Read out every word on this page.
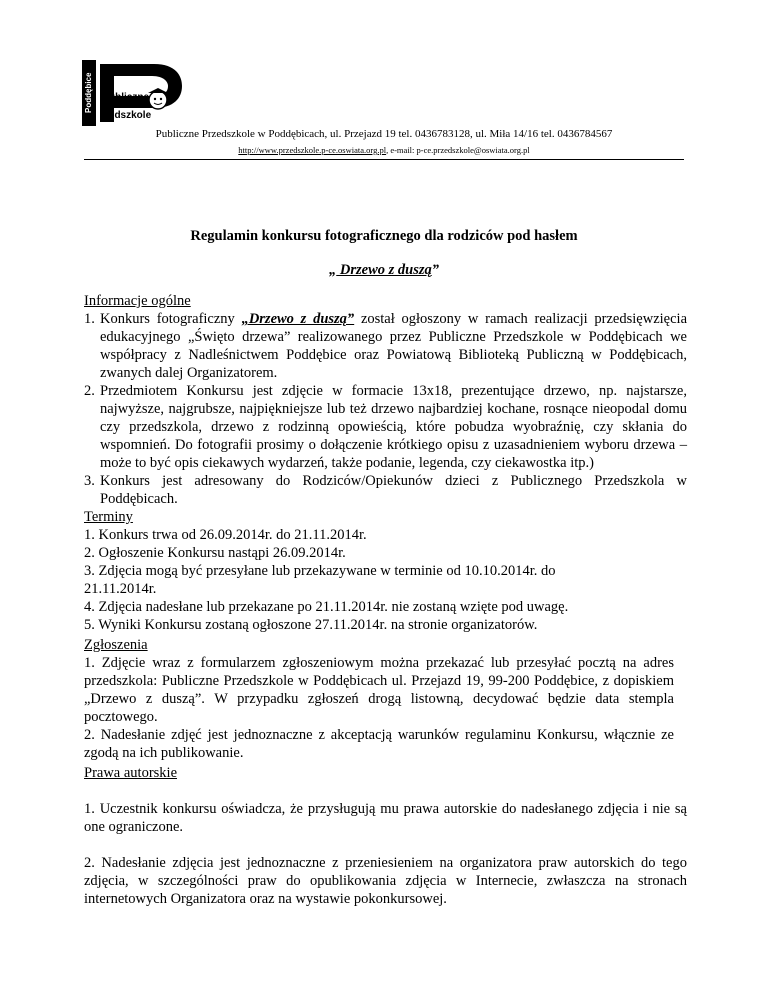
Poddębice	ubliczne
rzedszkole
Publiczne Przedszkole w Poddębicach, ul. Przejazd 19 tel. 0436783128, ul. Miła 14/16 tel. 0436784567
http://www.przedszkole.p-ce.oswiata.org.pl, e-mail: p-ce.przedszkole@oswiata.org.pl
Regulamin konkursu fotograficznego dla rodziców pod hasłem
„ Drzewo z duszą”
Informacje ogólne
1. Konkurs fotograficzny „Drzewo z duszą” został ogłoszony w ramach realizacji przedsięwzięcia edukacyjnego „Święto drzewa” realizowanego przez Publiczne Przedszkole w Poddębicach we współpracy z Nadleśnictwem Poddębice oraz Powiatową Biblioteką Publiczną w Poddębicach, zwanych dalej Organizatorem.
2. Przedmiotem Konkursu jest zdjęcie w formacie 13x18, prezentujące drzewo, np. najstarsze, najwyższe, najgrubsze, najpiękniejsze lub też drzewo najbardziej kochane, rosnące nieopodal domu czy przedszkola, drzewo z rodzinną opowieścią, które pobudza wyobraźnię, czy skłania do wspomnień. Do fotografii prosimy o dołączenie krótkiego opisu z uzasadnieniem wyboru drzewa – może to być opis ciekawych wydarzeń, także podanie, legenda, czy ciekawostka itp.)
3. Konkurs jest adresowany do Rodziców/Opiekunów dzieci z Publicznego Przedszkola w Poddębicach.
Terminy
1. Konkurs trwa od 26.09.2014r. do 21.11.2014r.
2. Ogłoszenie Konkursu nastąpi 26.09.2014r.
3. Zdjęcia mogą być przesyłane lub przekazywane w terminie od 10.10.2014r. do 21.11.2014r.
4. Zdjęcia nadesłane lub przekazane po 21.11.2014r. nie zostaną wzięte pod uwagę.
5. Wyniki Konkursu zostaną ogłoszone 27.11.2014r. na stronie organizatorów.
Zgłoszenia

1. Zdjęcie wraz z formularzem zgłoszeniowym można przekazać lub przesyłać pocztą na adres przedszkola: Publiczne Przedszkole w Poddębicach ul. Przejazd 19, 99-200 Poddębice, z dopiskiem „Drzewo z duszą”. W przypadku zgłoszeń drogą listowną, decydować będzie data stempla pocztowego.

2. Nadesłanie zdjęć jest jednoznaczne z akceptacją warunków regulaminu Konkursu, włącznie ze zgodą na ich publikowanie.

Prawa autorskie

1. Uczestnik konkursu oświadcza, że przysługują mu prawa autorskie do nadesłanego zdjęcia i nie są one ograniczone.

2. Nadesłanie zdjęcia jest jednoznaczne z przeniesieniem na organizatora praw autorskich do tego zdjęcia, w szczególności praw do opublikowania zdjęcia w Internecie, zwłaszcza na stronach internetowych Organizatora oraz na wystawie pokonkursowej.
